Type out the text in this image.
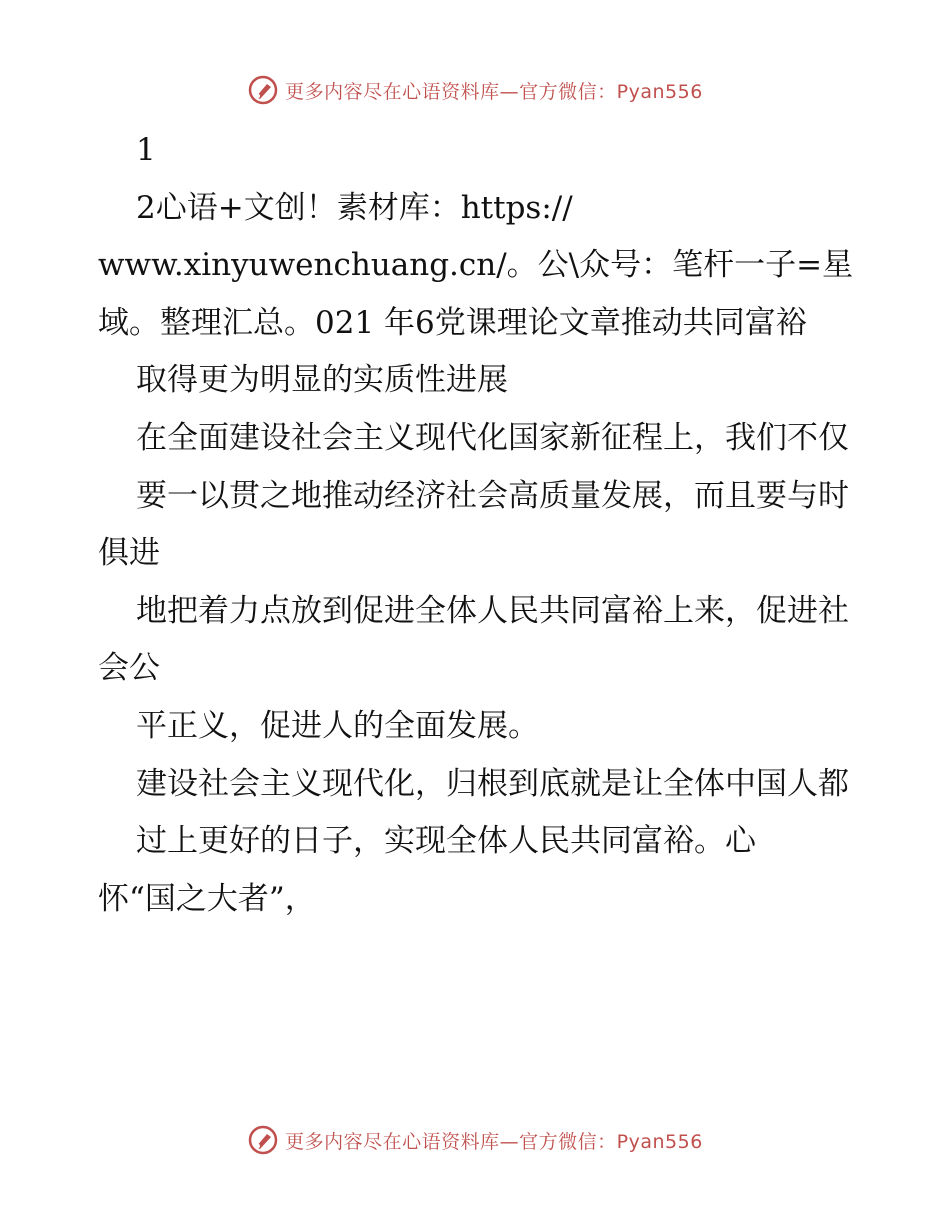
更多内容尽在心语资料库—官方微信：Pyan556

1

2心语+文创！素材库：https://
www.xinyuwenchuang.cn/。公\众号：笔杆一子=星域。整理汇总。021 年6党课理论文章推动共同富裕

取得更为明显的实质性进展

在全面建设社会主义现代化国家新征程上，我们不仅

要一以贯之地推动经济社会高质量发展，而且要与时俱进

地把着力点放到促进全体人民共同富裕上来，促进社会公

平正义，促进人的全面发展。

建设社会主义现代化，归根到底就是让全体中国人都

过上更好的日子，实现全体人民共同富裕。心
怀“国之大者”，

更多内容尽在心语资料库—官方微信：Pyan556
